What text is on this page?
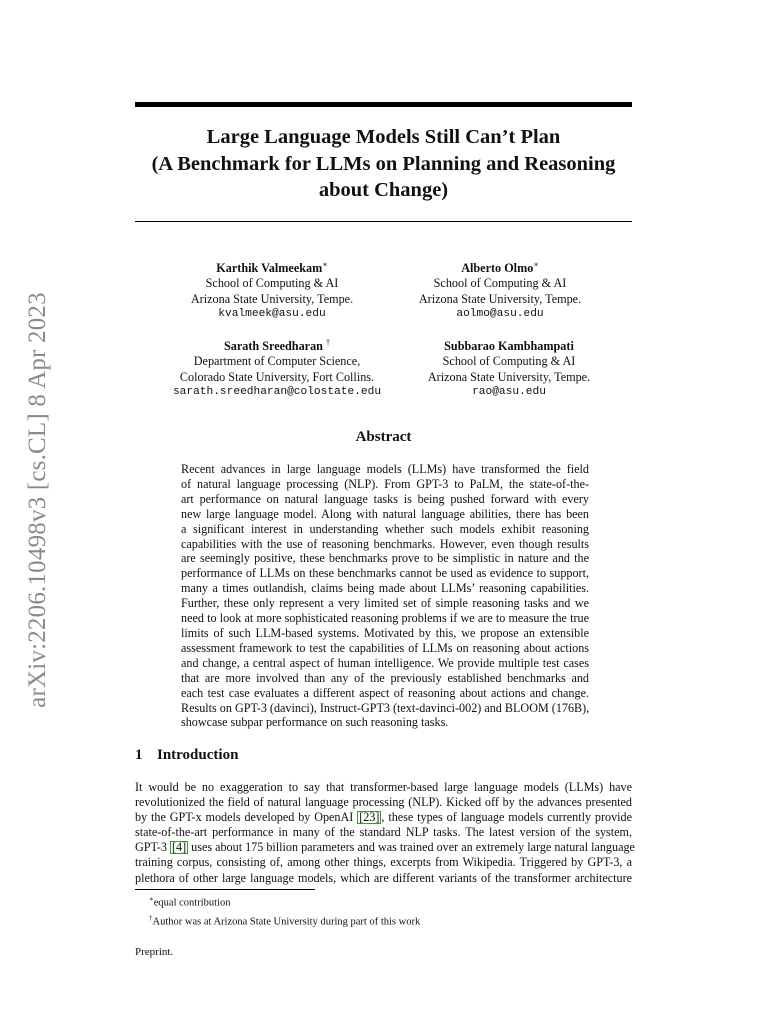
arXiv:2206.10498v3 [cs.CL] 8 Apr 2023
Large Language Models Still Can’t Plan
(A Benchmark for LLMs on Planning and Reasoning
about Change)
Karthik Valmeekam∗
School of Computing & AI
Arizona State University, Tempe.
kvalmeek@asu.edu
Alberto Olmo∗
School of Computing & AI
Arizona State University, Tempe.
aolmo@asu.edu
Sarath Sreedharan †
Department of Computer Science,
Colorado State University, Fort Collins.
sarath.sreedharan@colostate.edu
Subbarao Kambhampati
School of Computing & AI
Arizona State University, Tempe.
rao@asu.edu
Abstract
Recent advances in large language models (LLMs) have transformed the field
of natural language processing (NLP). From GPT-3 to PaLM, the state-of-the-
art performance on natural language tasks is being pushed forward with every
new large language model. Along with natural language abilities, there has been
a significant interest in understanding whether such models exhibit reasoning
capabilities with the use of reasoning benchmarks. However, even though results
are seemingly positive, these benchmarks prove to be simplistic in nature and the
performance of LLMs on these benchmarks cannot be used as evidence to support,
many a times outlandish, claims being made about LLMs’ reasoning capabilities.
Further, these only represent a very limited set of simple reasoning tasks and we
need to look at more sophisticated reasoning problems if we are to measure the true
limits of such LLM-based systems. Motivated by this, we propose an extensible
assessment framework to test the capabilities of LLMs on reasoning about actions
and change, a central aspect of human intelligence. We provide multiple test cases
that are more involved than any of the previously established benchmarks and
each test case evaluates a different aspect of reasoning about actions and change.
Results on GPT-3 (davinci), Instruct-GPT3 (text-davinci-002) and BLOOM (176B),
showcase subpar performance on such reasoning tasks.
1 Introduction
It would be no exaggeration to say that transformer-based large language models (LLMs) have
revolutionized the field of natural language processing (NLP). Kicked off by the advances presented
by the GPT-x models developed by OpenAI [23] , these types of language models currently provide
state-of-the-art performance in many of the standard NLP tasks. The latest version of the system,
GPT-3 [4] uses about 175 billion parameters and was trained over an extremely large natural language
training corpus, consisting of, among other things, excerpts from Wikipedia. Triggered by GPT-3, a
plethora of other large language models, which are different variants of the transformer architecture
∗equal contribution
†Author was at Arizona State University during part of this work
Preprint.
